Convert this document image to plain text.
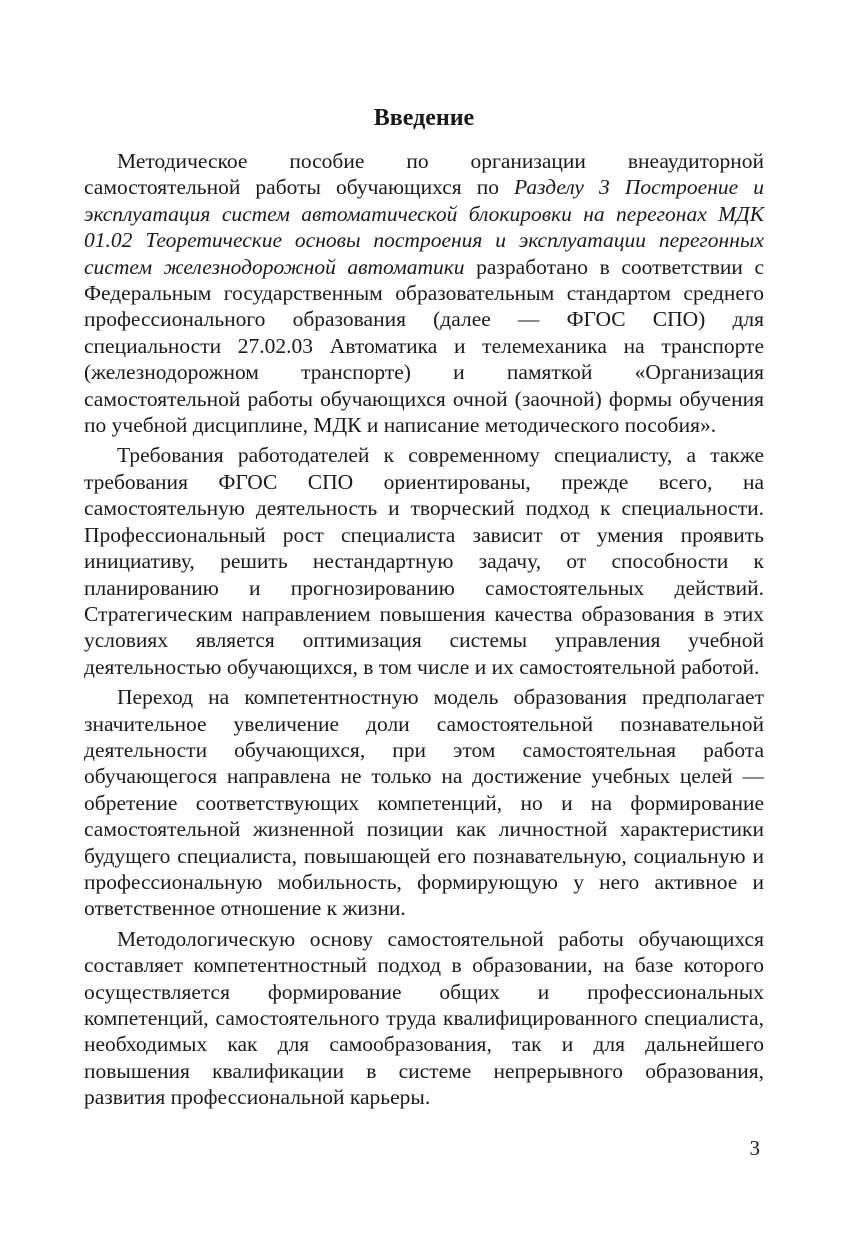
Введение

Методическое пособие по организации внеаудиторной самостоятельной работы обучающихся по Разделу 3 Построение и эксплуатация систем автоматической блокировки на перегонах МДК 01.02 Теоретические основы построения и эксплуатации перегонных систем железнодорожной автоматики разработано в соответствии с Федеральным государственным образовательным стандартом среднего профессионального образования (далее — ФГОС СПО) для специальности 27.02.03 Автоматика и телемеханика на транспорте (железнодорожном транспорте) и памяткой «Организация самостоятельной работы обучающихся очной (заочной) формы обучения по учебной дисциплине, МДК и написание методического пособия».

Требования работодателей к современному специалисту, а также требования ФГОС СПО ориентированы, прежде всего, на самостоятельную деятельность и творческий подход к специальности. Профессиональный рост специалиста зависит от умения проявить инициативу, решить нестандартную задачу, от способности к планированию и прогнозированию самостоятельных действий. Стратегическим направлением повышения качества образования в этих условиях является оптимизация системы управления учебной деятельностью обучающихся, в том числе и их самостоятельной работой.

Переход на компетентностную модель образования предполагает значительное увеличение доли самостоятельной познавательной деятельности обучающихся, при этом самостоятельная работа обучающегося направлена не только на достижение учебных целей — обретение соответствующих компетенций, но и на формирование самостоятельной жизненной позиции как личностной характеристики будущего специалиста, повышающей его познавательную, социальную и профессиональную мобильность, формирующую у него активное и ответственное отношение к жизни.

Методологическую основу самостоятельной работы обучающихся составляет компетентностный подход в образовании, на базе которого осуществляется формирование общих и профессиональных компетенций, самостоятельного труда квалифицированного специалиста, необходимых как для самообразования, так и для дальнейшего повышения квалификации в системе непрерывного образования, развития профессиональной карьеры.

3
